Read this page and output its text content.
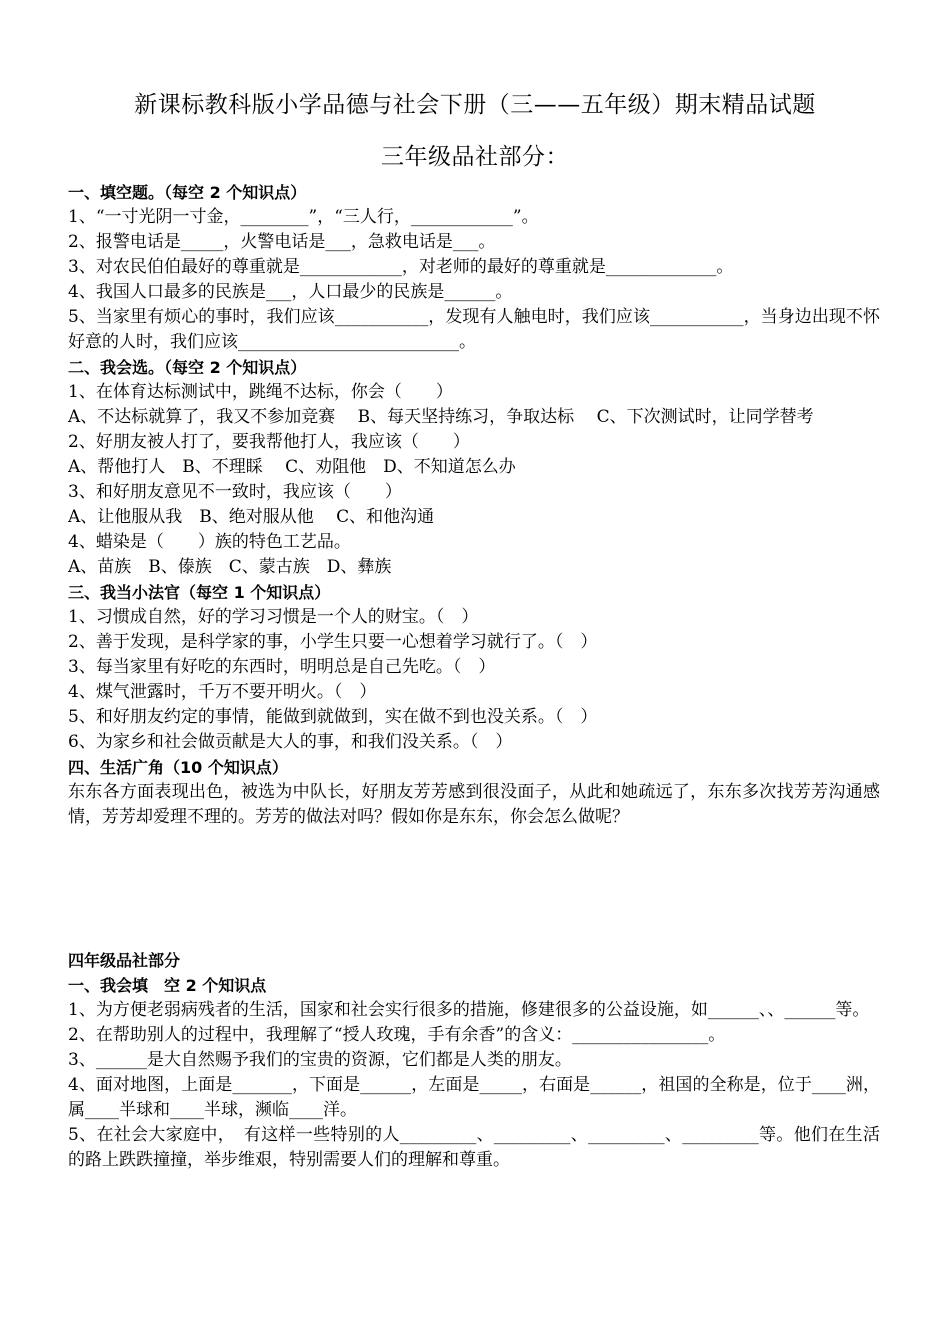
新课标教科版小学品德与社会下册（三——五年级）期末精品试题
三年级品社部分：
一、填空题。（每空 2 个知识点）
1、“一寸光阴一寸金，________”，“三人行，____________”。
2、报警电话是_____，火警电话是___，急救电话是___。
3、对农民伯伯最好的尊重就是____________，对老师的最好的尊重就是_____________。
4、我国人口最多的民族是___，人口最少的民族是______。
5、当家里有烦心的事时，我们应该___________，发现有人触电时，我们应该___________，当身边出现不怀好意的人时，我们应该__________________________。
二、我会选。（每空 2 个知识点）
1、在体育达标测试中，跳绳不达标，你会（　　）
A、不达标就算了，我又不参加竞赛　 B、每天坚持练习，争取达标　 C、下次测试时，让同学替考
2、好朋友被人打了，要我帮他打人，我应该（　　）
A、帮他打人　B、不理睬　 C、劝阻他　D、不知道怎么办
3、和好朋友意见不一致时，我应该（　　）
A、让他服从我　B、绝对服从他　 C、和他沟通
4、蜡染是（　　）族的特色工艺品。
A、苗族　B、傣族　C、蒙古族　D、彝族
三、我当小法官（每空 1 个知识点）
1、习惯成自然，好的学习习惯是一个人的财宝。（　）
2、善于发现，是科学家的事，小学生只要一心想着学习就行了。（　）
3、每当家里有好吃的东西时，明明总是自己先吃。（　）
4、煤气泄露时，千万不要开明火。（　）
5、和好朋友约定的事情，能做到就做到，实在做不到也没关系。（　）
6、为家乡和社会做贡献是大人的事，和我们没关系。（　）
四、生活广角（10 个知识点）
东东各方面表现出色，被选为中队长，好朋友芳芳感到很没面子，从此和她疏远了，东东多次找芳芳沟通感情，芳芳却爱理不理的。芳芳的做法对吗？假如你是东东，你会怎么做呢？
四年级品社部分
一、我会填　空 2 个知识点
1、为方便老弱病残者的生活，国家和社会实行很多的措施，修建很多的公益设施，如______、、______等。
2、在帮助别人的过程中，我理解了“授人玫瑰，手有余香”的含义：________________。
3、______是大自然赐予我们的宝贵的资源，它们都是人类的朋友。
4、面对地图，上面是_______，下面是______，左面是_____，右面是______，祖国的全称是，位于____洲，属____半球和____半球，濒临____洋。
5、在社会大家庭中，　有这样一些特别的人_________、_________、_________、_________等。他们在生活的路上跌跌撞撞，举步维艰，特别需要人们的理解和尊重。
